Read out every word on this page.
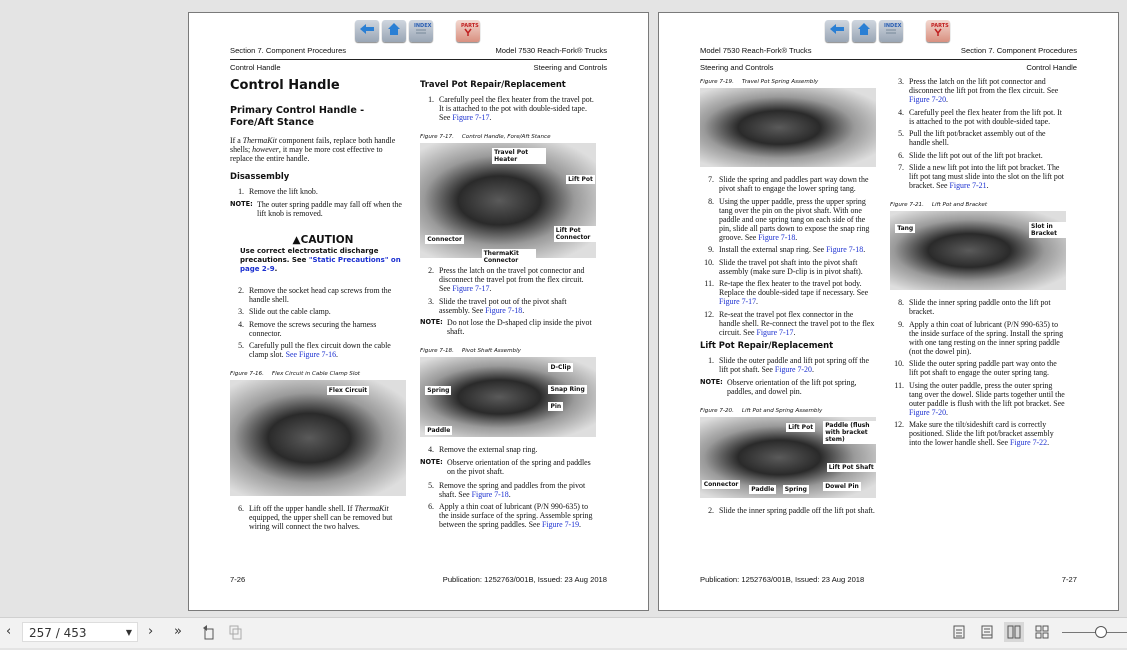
INDEX	PARTS
Section 7. Component Procedures	Model 7530 Reach-Fork® Trucks
Control Handle	Steering and Controls
Control Handle
Primary Control Handle - Fore/Aft Stance
If a ThermaKit component fails, replace both handle shells; however, it may be more cost effective to replace the entire handle.
Disassembly
1. Remove the lift knob.
NOTE: The outer spring paddle may fall off when the lift knob is removed.
▲CAUTION
Use correct electrostatic discharge precautions. See "Static Precautions" on page 2-9.
2. Remove the socket head cap screws from the handle shell.
3. Slide out the cable clamp.
4. Remove the screws securing the harness connector.
5. Carefully pull the flex circuit down the cable clamp slot. See Figure 7-16.
Figure 7-16. Flex Circuit in Cable Clamp Slot
Flex Circuit
6. Lift off the upper handle shell. If ThermaKit equipped, the upper shell can be removed but wiring will connect the two halves.
Travel Pot Repair/Replacement
1. Carefully peel the flex heater from the travel pot. It is attached to the pot with double-sided tape. See Figure 7-17.
Figure 7-17. Control Handle, Fore/Aft Stance
Travel Pot Heater
Lift Pot
Lift Pot Connector
Connector
ThermaKit Connector
2. Press the latch on the travel pot connector and disconnect the travel pot from the flex circuit. See Figure 7-17.
3. Slide the travel pot out of the pivot shaft assembly. See Figure 7-18.
NOTE: Do not lose the D-shaped clip inside the pivot shaft.
Figure 7-18. Pivot Shaft Assembly
D-Clip
Snap Ring
Pin
Spring
Paddle
4. Remove the external snap ring.
NOTE: Observe orientation of the spring and paddles on the pivot shaft.
5. Remove the spring and paddles from the pivot shaft. See Figure 7-18.
6. Apply a thin coat of lubricant (P/N 990-635) to the inside surface of the spring. Assemble spring between the spring paddles. See Figure 7-19.
7-26	Publication: 1252763/001B, Issued: 23 Aug 2018
INDEX	PARTS
Model 7530 Reach-Fork® Trucks	Section 7. Component Procedures
Steering and Controls	Control Handle
Figure 7-19. Travel Pot Spring Assembly
7. Slide the spring and paddles part way down the pivot shaft to engage the lower spring tang.
8. Using the upper paddle, press the upper spring tang over the pin on the pivot shaft. With one paddle and one spring tang on each side of the pin, slide all parts down to expose the snap ring groove. See Figure 7-18.
9. Install the external snap ring. See Figure 7-18.
10. Slide the travel pot shaft into the pivot shaft assembly (make sure D-clip is in pivot shaft).
11. Re-tape the flex heater to the travel pot body. Replace the double-sided tape if necessary. See Figure 7-17.
12. Re-seat the travel pot flex connector in the handle shell. Re-connect the travel pot to the flex circuit. See Figure 7-17.
Lift Pot Repair/Replacement
1. Slide the outer paddle and lift pot spring off the lift pot shaft. See Figure 7-20.
NOTE: Observe orientation of the lift pot spring, paddles, and dowel pin.
Figure 7-20. Lift Pot and Spring Assembly
Lift Pot	Paddle (flush with bracket stem)
Lift Pot Shaft
Connector
Paddle	Spring	Dowel Pin
2. Slide the inner spring paddle off the lift pot shaft.
3. Press the latch on the lift pot connector and disconnect the lift pot from the flex circuit. See Figure 7-20.
4. Carefully peel the flex heater from the lift pot. It is attached to the pot with double-sided tape.
5. Pull the lift pot/bracket assembly out of the handle shell.
6. Slide the lift pot out of the lift pot bracket.
7. Slide a new lift pot into the lift pot bracket. The lift pot tang must slide into the slot on the lift pot bracket. See Figure 7-21.
Figure 7-21. Lift Pot and Bracket
Tang	Slot in Bracket
8. Slide the inner spring paddle onto the lift pot bracket.
9. Apply a thin coat of lubricant (P/N 990-635) to the inside surface of the spring. Install the spring with one tang resting on the inner spring paddle (not the dowel pin).
10. Slide the outer spring paddle part way onto the lift pot shaft to engage the outer spring tang.
11. Using the outer paddle, press the outer spring tang over the dowel. Slide parts together until the outer paddle is flush with the lift pot bracket. See Figure 7-20.
12. Make sure the tilt/sideshift card is correctly positioned. Slide the lift pot/bracket assembly into the lower handle shell. See Figure 7-22.
Publication: 1252763/001B, Issued: 23 Aug 2018	7-27
‹	257 / 453	▼ › »
